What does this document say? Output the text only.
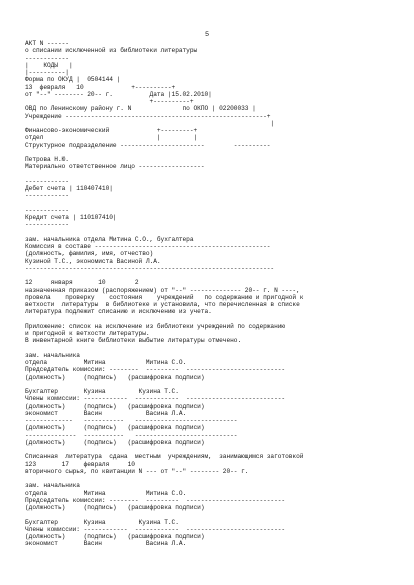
5
АКТ N ------
о списании исключенной из библиотеки литературы
------------
|    КОДЫ   |
|----------|
Форма по ОКУД |  0504144 |
13  февраля   10             +----------+
от "--" -------- 20-- г.          Дата |15.02.2010|
+----------+
ОВД по Ленинскому району г. N              по ОКПО | 02200033 |
Учреждение -------------------------------------------------------+
|
Финансово-экономический             +---------+
отдел                               |         |
Структурное подразделение -----------------------        ----------
Петрова Н.Ю.
Материально ответственное лицо ------------------
------------
Дебет счета | 110407410|
------------
------------
Кредит счета | 110107410|
------------
зам. начальника отдела Митина С.О., бухгалтера
Комиссия в составе ------------------------------------------------
(должность, фамилия, имя, отчество)
Кузиной Т.С., экономиста Васиной Л.А.
--------------------------------------------------------------------
12     января       10        2
назначенная приказом (распоряжением) от "--" -------------- 20-- г. N ----,
провела    проверку    состояния    учреждений   по содержанию и пригодной к
ветхости  литературы  в библиотеке и установила, что перечисленная в списке
литература подлежит списанию и исключению из учета.
Приложение: список на исключение из библиотеки учреждений по содержанию
и пригодной к ветхости литературы.
В инвентарной книге библиотеки выбытие литературы отмечено.
зам. начальника
отдела          Митина           Митина С.О.
Председатель комиссии: --------  ---------  ---------------------------
(должность)     (подпись)   (расшифровка подписи)
Бухгалтер       Кузина         Кузина Т.С.
Члены комиссии: ------------  ------------  ---------------------------
(должность)     (подпись)   (расшифровка подписи)
экономист       Васин            Васина Л.А.
-------------   -----------   ----------------------------
(должность)     (подпись)   (расшифровка подписи)
--------------  -----------   ----------------------------
(должность)     (подпись)   (расшифровка подписи)
Списанная  литература  сдана  местным  учреждениям,  занимающимся заготовкой
123       17    февраля     10
вторичного сырья, по квитанции N --- от "--" -------- 20-- г.
зам. начальника
отдела          Митина           Митина С.О.
Председатель комиссии: --------  ---------  ---------------------------
(должность)     (подпись)   (расшифровка подписи)
Бухгалтер       Кузина         Кузина Т.С.
Члены комиссии: ------------  ------------  ---------------------------
(должность)     (подпись)   (расшифровка подписи)
экономист       Васин            Васина Л.А.
